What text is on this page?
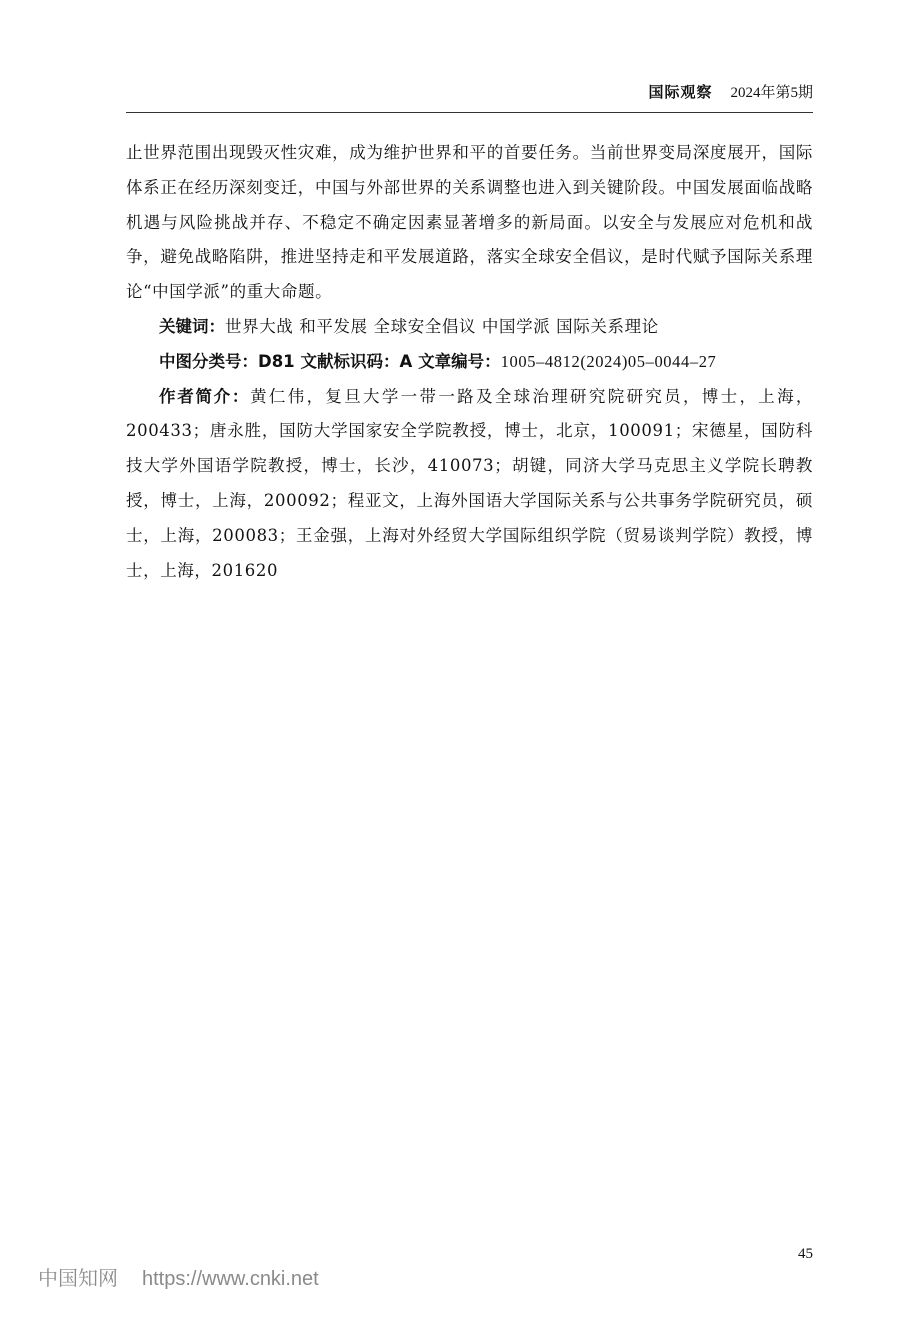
国际观察 2024年第5期

止世界范围出现毁灭性灾难，成为维护世界和平的首要任务。当前世界变局深度展开，国际体系正在经历深刻变迁，中国与外部世界的关系调整也进入到关键阶段。中国发展面临战略机遇与风险挑战并存、不稳定不确定因素显著增多的新局面。以安全与发展应对危机和战争，避免战略陷阱，推进坚持走和平发展道路，落实全球安全倡议，是时代赋予国际关系理论“中国学派”的重大命题。

关键词：世界大战 和平发展 全球安全倡议 中国学派 国际关系理论

中图分类号：D81 文献标识码：A 文章编号：1005–4812(2024)05–0044–27

作者简介：黄仁伟，复旦大学一带一路及全球治理研究院研究员，博士，上海，200433；唐永胜，国防大学国家安全学院教授，博士，北京，100091；宋德星，国防科技大学外国语学院教授，博士，长沙，410073；胡键，同济大学马克思主义学院长聘教授，博士，上海，200092；程亚文，上海外国语大学国际关系与公共事务学院研究员，硕士，上海，200083；王金强，上海对外经贸大学国际组织学院（贸易谈判学院）教授，博士，上海，201620

45
中国知网 https://www.cnki.net
